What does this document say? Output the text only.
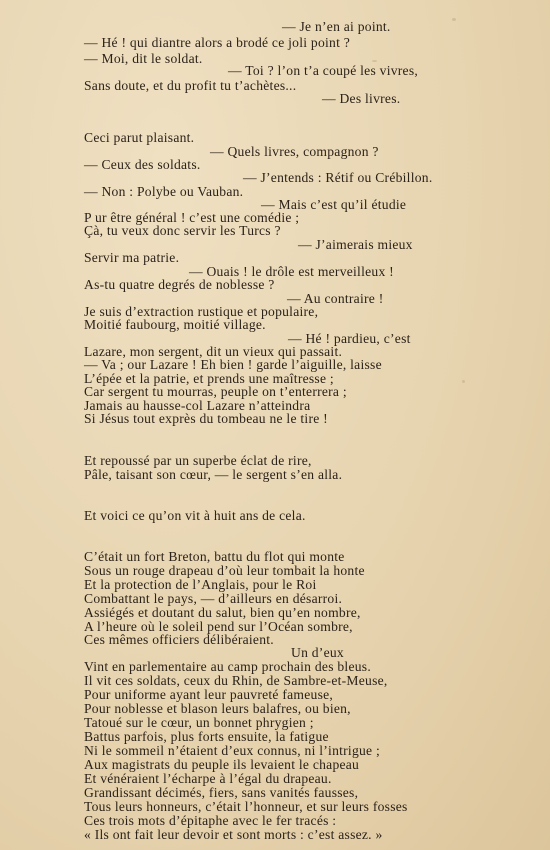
— Je n’en ai point.
— Hé ! qui diantre alors a brodé ce joli point ?
— Moi, dit le soldat.
— Toi ? l’on t’a coupé les vivres,
Sans doute, et du profit tu t’achètes...
— Des livres.
Ceci parut plaisant.
— Quels livres, compagnon ?
— Ceux des soldats.
— J’entends : Rétif ou Crébillon.
— Non : Polybe ou Vauban.
— Mais c’est qu’il étudie
P ur être général ! c’est une comédie ;
Çà, tu veux donc servir les Turcs ?
— J’aimerais mieux
Servir ma patrie.
— Ouais ! le drôle est merveilleux !
As-tu quatre degrés de noblesse ?
— Au contraire !
Je suis d’extraction rustique et populaire,
Moitié faubourg, moitié village.
— Hé ! pardieu, c’est
Lazare, mon sergent, dit un vieux qui passait.
— Va ; our Lazare ! Eh bien ! garde l’aiguille, laisse
L’épée et la patrie, et prends une maîtresse ;
Car sergent tu mourras, peuple on t’enterrera ;
Jamais au hausse-col Lazare n’atteindra
Si Jésus tout exprès du tombeau ne le tire !
Et repoussé par un superbe éclat de rire,
Pâle, taisant son cœur, — le sergent s’en alla.
Et voici ce qu’on vit à huit ans de cela.
C’était un fort Breton, battu du flot qui monte
Sous un rouge drapeau d’où leur tombait la honte
Et la protection de l’Anglais, pour le Roi
Combattant le pays, — d’ailleurs en désarroi.
Assiégés et doutant du salut, bien qu’en nombre,
A l’heure où le soleil pend sur l’Océan sombre,
Ces mêmes officiers délibéraient.
Un d’eux
Vint en parlementaire au camp prochain des bleus.
Il vit ces soldats, ceux du Rhin, de Sambre-et-Meuse,
Pour uniforme ayant leur pauvreté fameuse,
Pour noblesse et blason leurs balafres, ou bien,
Tatoué sur le cœur, un bonnet phrygien ;
Battus parfois, plus forts ensuite, la fatigue
Ni le sommeil n’étaient d’eux connus, ni l’intrigue ;
Aux magistrats du peuple ils levaient le chapeau
Et vénéraient l’écharpe à l’égal du drapeau.
Grandissant décimés, fiers, sans vanités fausses,
Tous leurs honneurs, c’était l’honneur, et sur leurs fosses
Ces trois mots d’épitaphe avec le fer tracés :
« Ils ont fait leur devoir et sont morts : c’est assez. »
